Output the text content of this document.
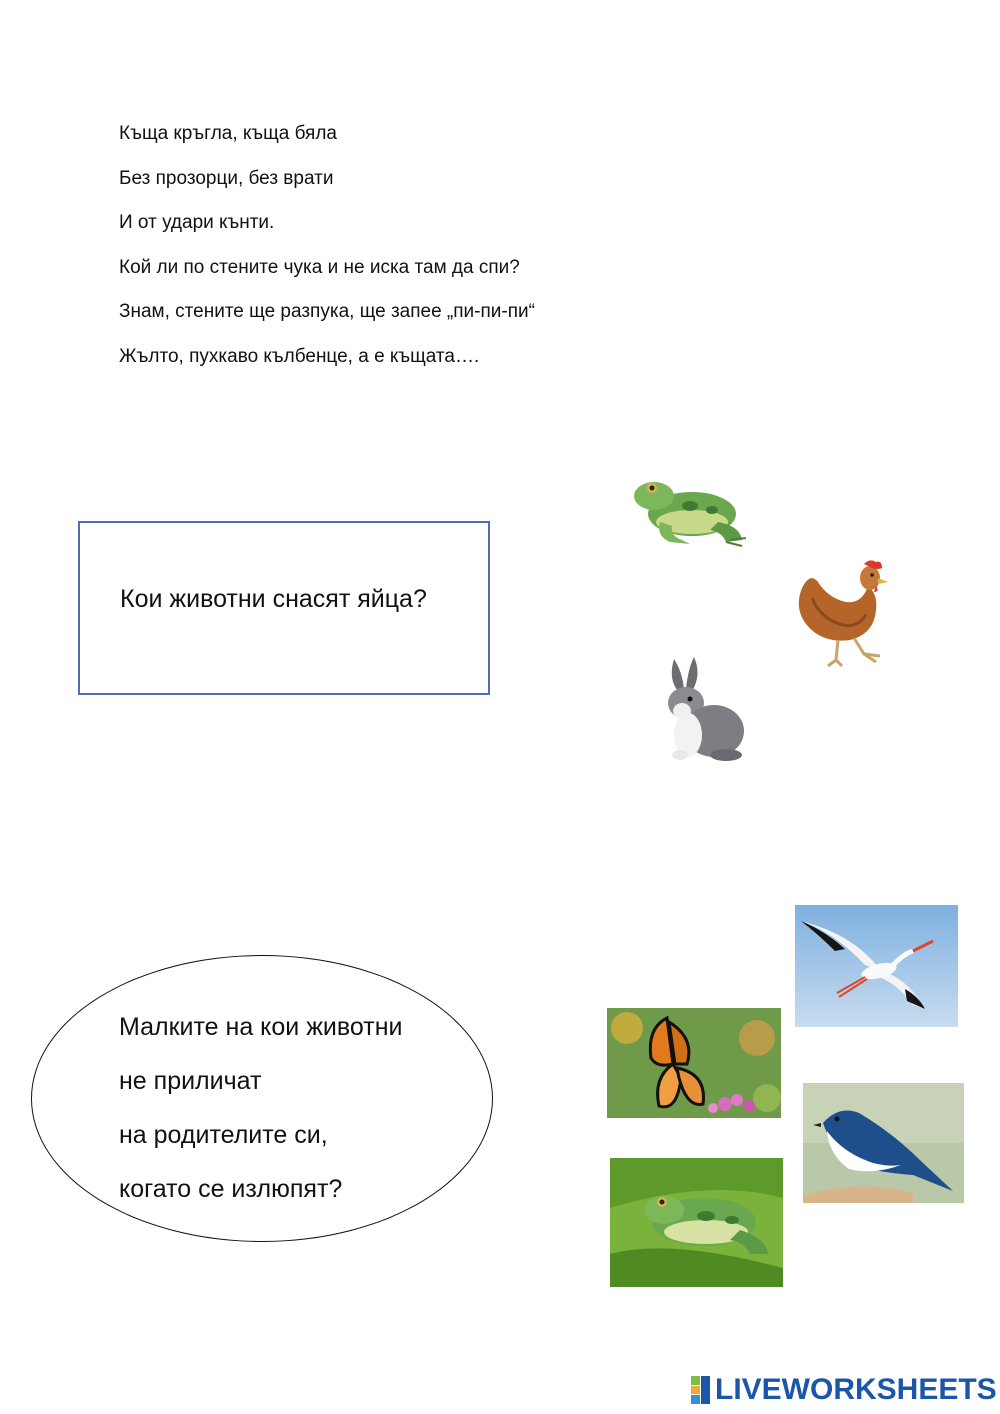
Къща кръгла, къща бяла

Без прозорци, без врати

И от удари кънти.

Кой ли по стените чука и не иска там да спи?

Знам, стените ще разпука, ще запее „пи-пи-пи“

Жълто, пухкаво кълбенце, а е къщата….

Кои животни снасят яйца?

Малките на кои животни

не приличат

на родителите си,

когато се излюпят?

LIVEWORKSHEETS
